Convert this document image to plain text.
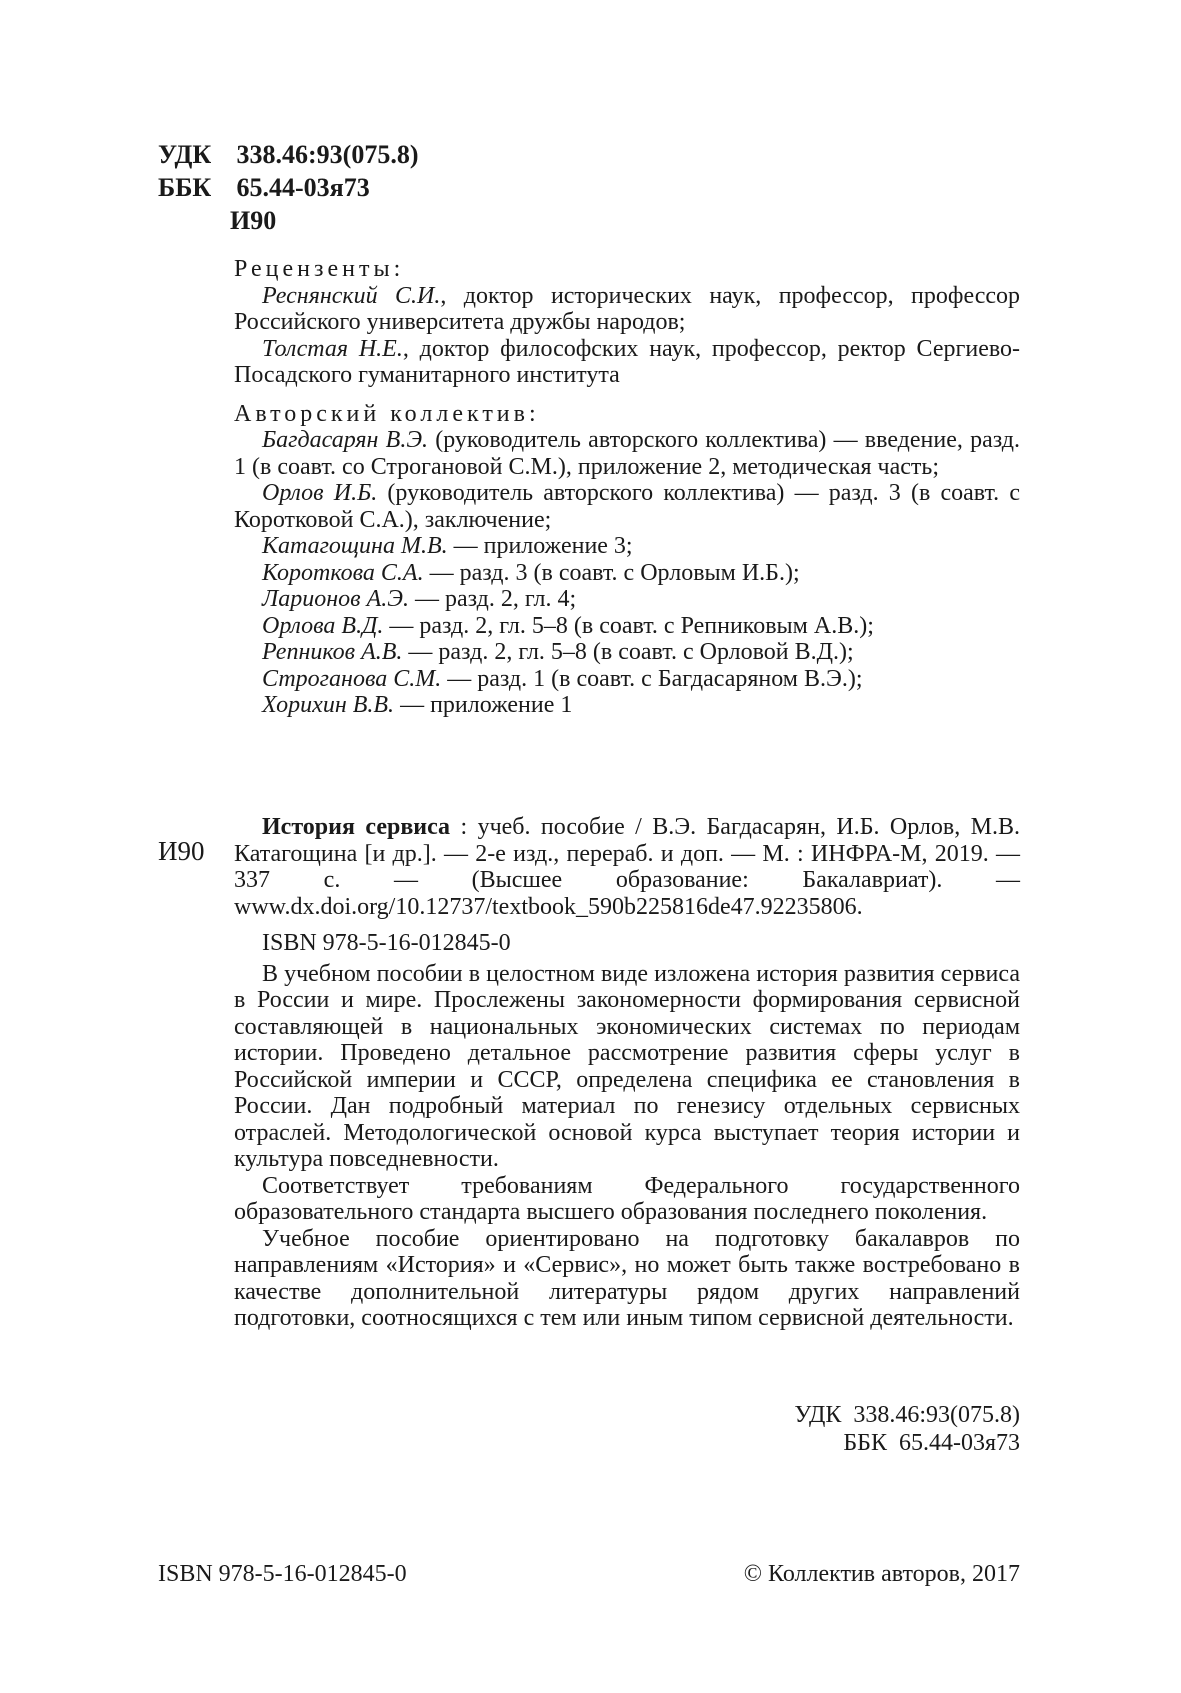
УДК 338.46:93(075.8)
ББК 65.44-03я73
И90
Рецензенты:

Реснянский С.И., доктор исторических наук, профессор, профессор Российского университета дружбы народов;

Толстая Н.Е., доктор философских наук, профессор, ректор Сергиево-Посадского гуманитарного института

Авторский коллектив:

Багдасарян В.Э. (руководитель авторского коллектива) — введение, разд. 1 (в соавт. со Строгановой С.М.), приложение 2, методическая часть;

Орлов И.Б. (руководитель авторского коллектива) — разд. 3 (в соавт. с Коротковой С.А.), заключение;

Катагощина М.В. — приложение 3;

Короткова С.А. — разд. 3 (в соавт. с Орловым И.Б.);

Ларионов А.Э. — разд. 2, гл. 4;

Орлова В.Д. — разд. 2, гл. 5–8 (в соавт. с Репниковым А.В.);

Репников А.В. — разд. 2, гл. 5–8 (в соавт. с Орловой В.Д.);

Строганова С.М. — разд. 1 (в соавт. с Багдасаряном В.Э.);

Хорихин В.В. — приложение 1

И90

История сервиса : учеб. пособие / В.Э. Багдасарян, И.Б. Орлов, М.В. Катагощина [и др.]. — 2-е изд., перераб. и доп. — М. : ИНФРА-М, 2019. — 337 с. — (Высшее образование: Бакалавриат). — www.dx.doi.org/10.12737/textbook_590b225816de47.92235806.

ISBN 978-5-16-012845-0

В учебном пособии в целостном виде изложена история развития сервиса в России и мире. Прослежены закономерности формирования сервисной составляющей в национальных экономических системах по периодам истории. Проведено детальное рассмотрение развития сферы услуг в Российской империи и СССР, определена специфика ее становления в России. Дан подробный материал по генезису отдельных сервисных отраслей. Методологической основой курса выступает теория истории и культура повседневности.

Соответствует требованиям Федерального государственного образовательного стандарта высшего образования последнего поколения.

Учебное пособие ориентировано на подготовку бакалавров по направлениям «История» и «Сервис», но может быть также востребовано в качестве дополнительной литературы рядом других направлений подготовки, соотносящихся с тем или иным типом сервисной деятельности.

УДК  338.46:93(075.8)
ББК  65.44-03я73
ISBN 978-5-16-012845-0	© Коллектив авторов, 2017
